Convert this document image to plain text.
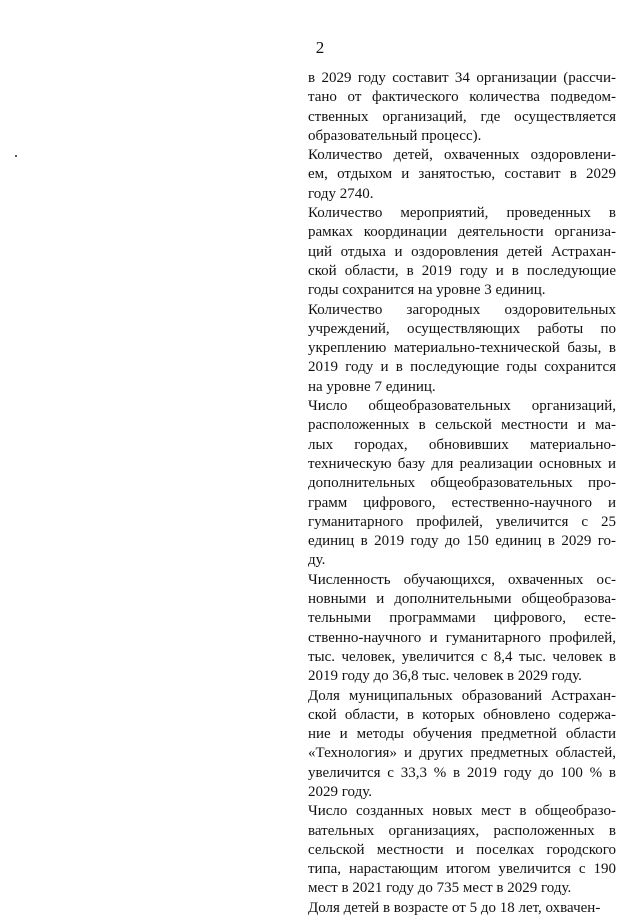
2
в 2029 году составит 34 организации (рассчи-
тано от фактического количества подведом-
ственных организаций, где осуществляется
образовательный процесс).
Количество детей, охваченных оздоровлени-
ем, отдыхом и занятостью, составит в 2029
году 2740.
Количество мероприятий, проведенных в
рамках координации деятельности организа-
ций отдыха и оздоровления детей Астрахан-
ской области, в 2019 году и в последующие
годы сохранится на уровне 3 единиц.
Количество загородных оздоровительных
учреждений, осуществляющих работы по
укреплению материально-технической базы, в
2019 году и в последующие годы сохранится
на уровне 7 единиц.
Число общеобразовательных организаций,
расположенных в сельской местности и ма-
лых городах, обновивших материально-
техническую базу для реализации основных и
дополнительных общеобразовательных про-
грамм цифрового, естественно-научного и
гуманитарного профилей, увеличится с 25
единиц в 2019 году до 150 единиц в 2029 го-
ду.
Численность обучающихся, охваченных ос-
новными и дополнительными общеобразова-
тельными программами цифрового, есте-
ственно-научного и гуманитарного профилей,
тыс. человек, увеличится с 8,4 тыс. человек в
2019 году до 36,8 тыс. человек в 2029 году.
Доля муниципальных образований Астрахан-
ской области, в которых обновлено содержа-
ние и методы обучения предметной области
«Технология» и других предметных областей,
увеличится с 33,3 % в 2019 году до 100 % в
2029 году.
Число созданных новых мест в общеобразо-
вательных организациях, расположенных в
сельской местности и поселках городского
типа, нарастающим итогом увеличится с 190
мест в 2021 году до 735 мест в 2029 году.
Доля детей в возрасте от 5 до 18 лет, охвачен-
